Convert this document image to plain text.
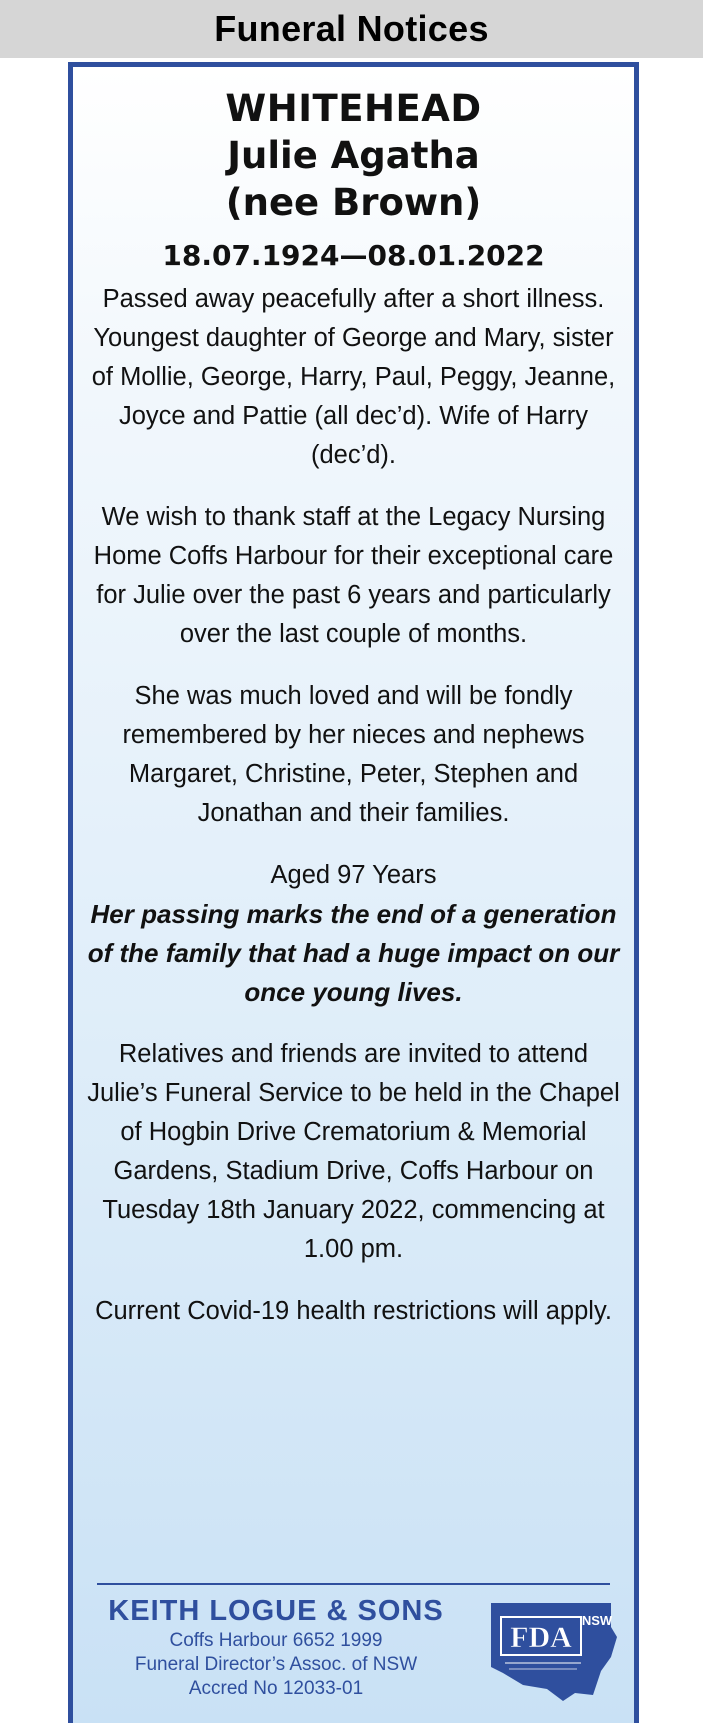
Funeral Notices
WHITEHEAD
Julie Agatha
(nee Brown)
18.07.1924—08.01.2022
Passed away peacefully after a short illness. Youngest daughter of George and Mary, sister of Mollie, George, Harry, Paul, Peggy, Jeanne, Joyce and Pattie (all dec’d). Wife of Harry (dec’d).
We wish to thank staff at the Legacy Nursing Home Coffs Harbour for their exceptional care for Julie over the past 6 years and particularly over the last couple of months.
She was much loved and will be fondly remembered by her nieces and nephews Margaret, Christine, Peter, Stephen and Jonathan and their families.
Aged 97 Years
Her passing marks the end of a generation of the family that had a huge impact on our once young lives.
Relatives and friends are invited to attend Julie’s Funeral Service to be held in the Chapel of Hogbin Drive Crematorium & Memorial Gardens, Stadium Drive, Coffs Harbour on Tuesday 18th January 2022, commencing at 1.00 pm.
Current Covid-19 health restrictions will apply.
KEITH LOGUE & SONS
Coffs Harbour 6652 1999
Funeral Director’s Assoc. of NSW
Accred No 12033-01
FDA
NSW
